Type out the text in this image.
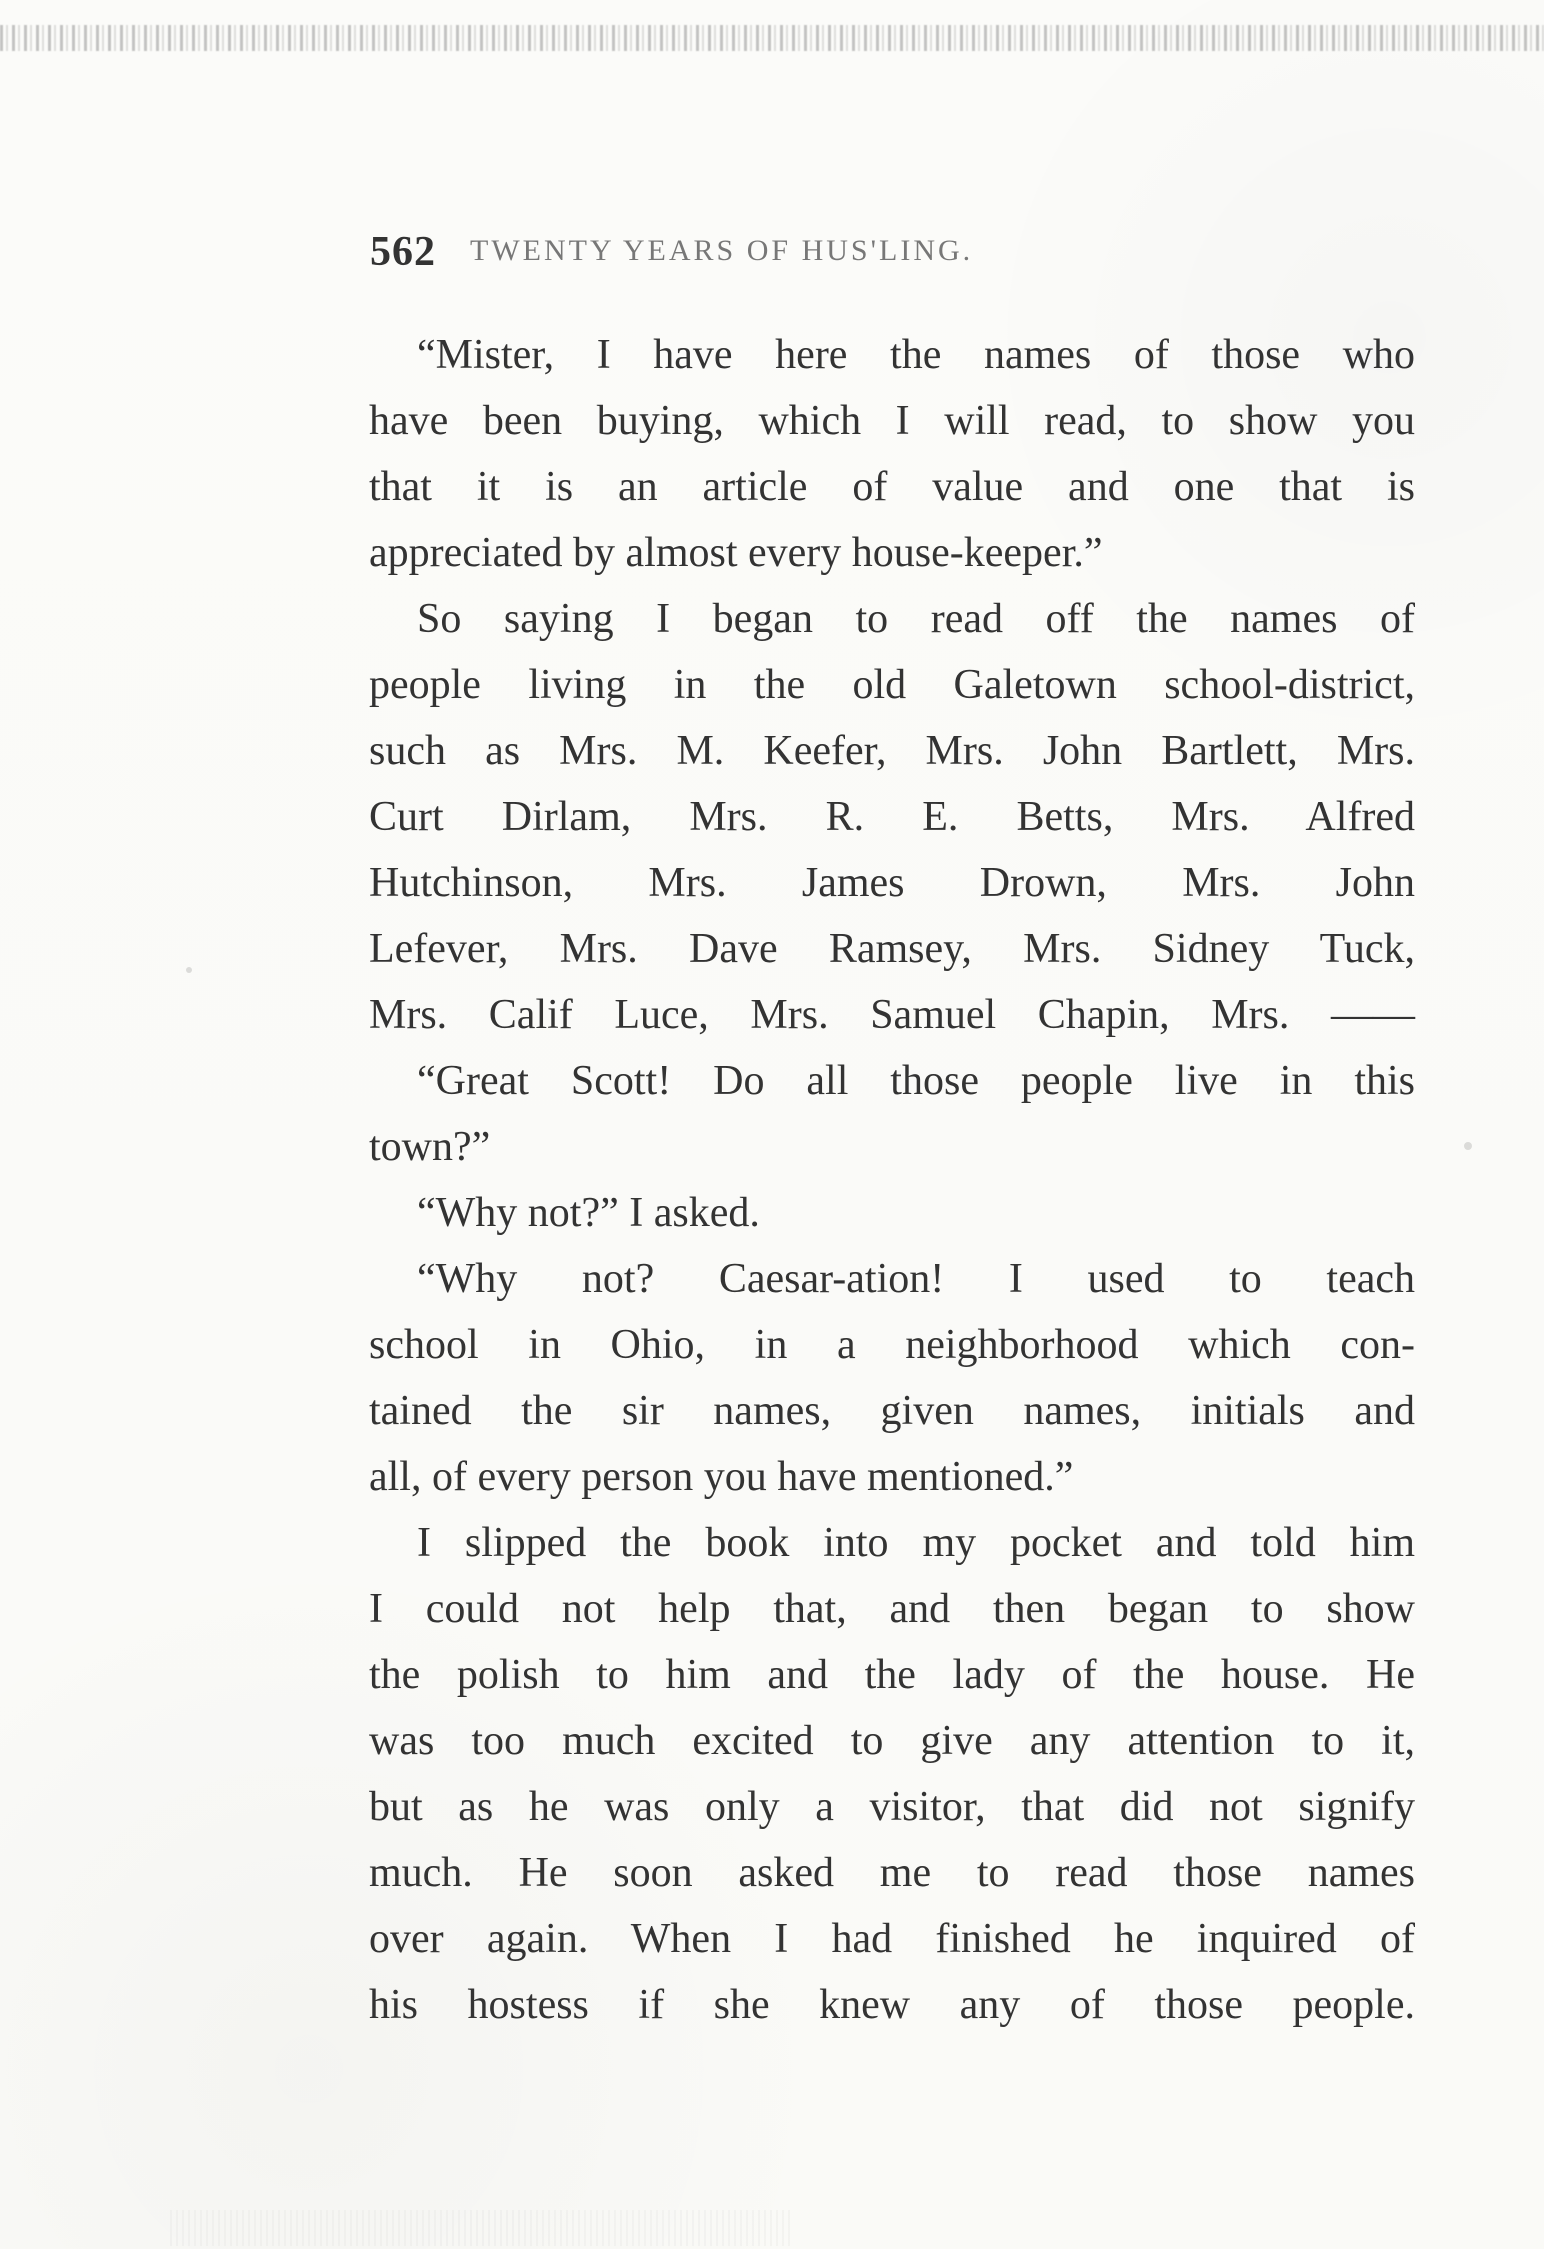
562 TWENTY YEARS OF HUS'LING.
“Mister, I have here the names of those who
have been buying, which I will read, to show you
that it is an article of value and one that is
appreciated by almost every house-keeper.”
So saying I began to read off the names of
people living in the old Galetown school-district,
such as Mrs. M. Keefer, Mrs. John Bartlett, Mrs.
Curt Dirlam, Mrs. R. E. Betts, Mrs. Alfred
Hutchinson, Mrs. James Drown, Mrs. John
Lefever, Mrs. Dave Ramsey, Mrs. Sidney Tuck,
Mrs. Calif Luce, Mrs. Samuel Chapin, Mrs. ——
“Great Scott! Do all those people live in this
town?”
“Why not?” I asked.
“Why not? Caesar-ation! I used to teach
school in Ohio, in a neighborhood which con-
tained the sir names, given names, initials and
all, of every person you have mentioned.”
I slipped the book into my pocket and told him
I could not help that, and then began to show
the polish to him and the lady of the house. He
was too much excited to give any attention to it,
but as he was only a visitor, that did not signify
much. He soon asked me to read those names
over again. When I had finished he inquired of
his hostess if she knew any of those people.
